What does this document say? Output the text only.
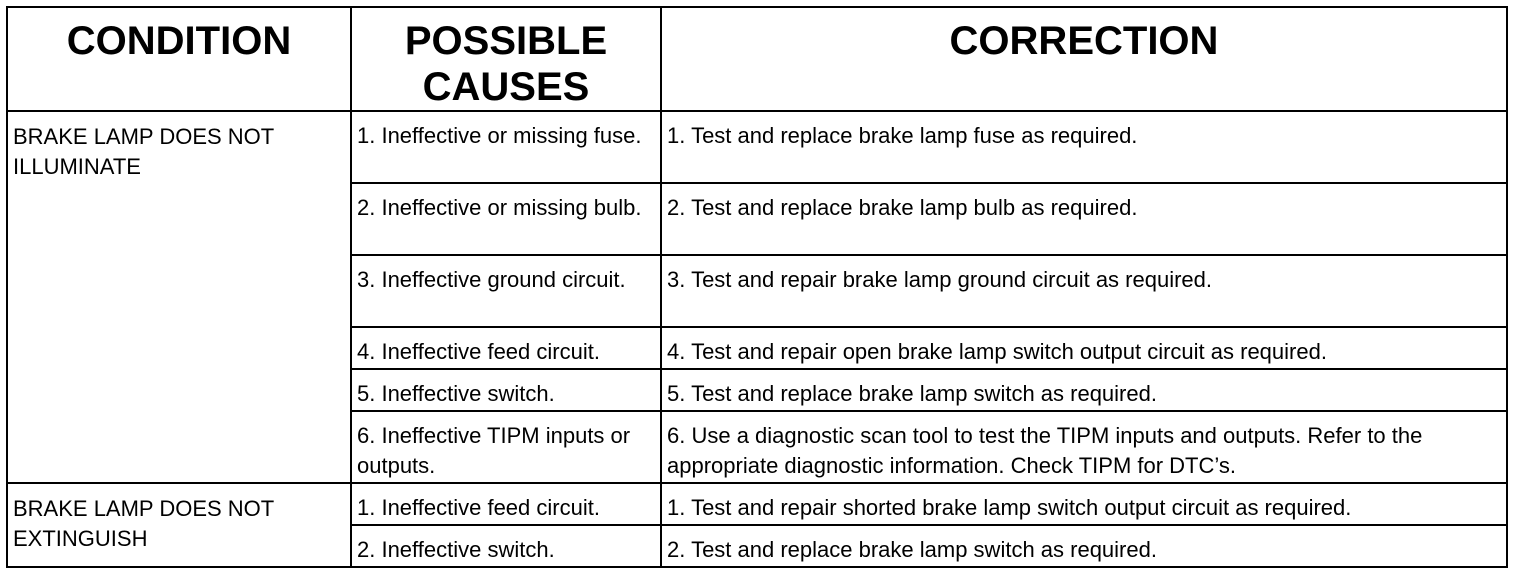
CONDITION	POSSIBLE CAUSES	CORRECTION
BRAKE LAMP DOES NOT ILLUMINATE	1. Ineffective or missing fuse.	1. Test and replace brake lamp fuse as required.
	2. Ineffective or missing bulb.	2. Test and replace brake lamp bulb as required.
	3. Ineffective ground circuit.	3. Test and repair brake lamp ground circuit as required.
	4. Ineffective feed circuit.	4. Test and repair open brake lamp switch output circuit as required.
	5. Ineffective switch.	5. Test and replace brake lamp switch as required.
	6. Ineffective TIPM inputs or outputs.	6. Use a diagnostic scan tool to test the TIPM inputs and outputs. Refer to the appropriate diagnostic information. Check TIPM for DTC’s.
BRAKE LAMP DOES NOT EXTINGUISH	1. Ineffective feed circuit.	1. Test and repair shorted brake lamp switch output circuit as required.
	2. Ineffective switch.	2. Test and replace brake lamp switch as required.
